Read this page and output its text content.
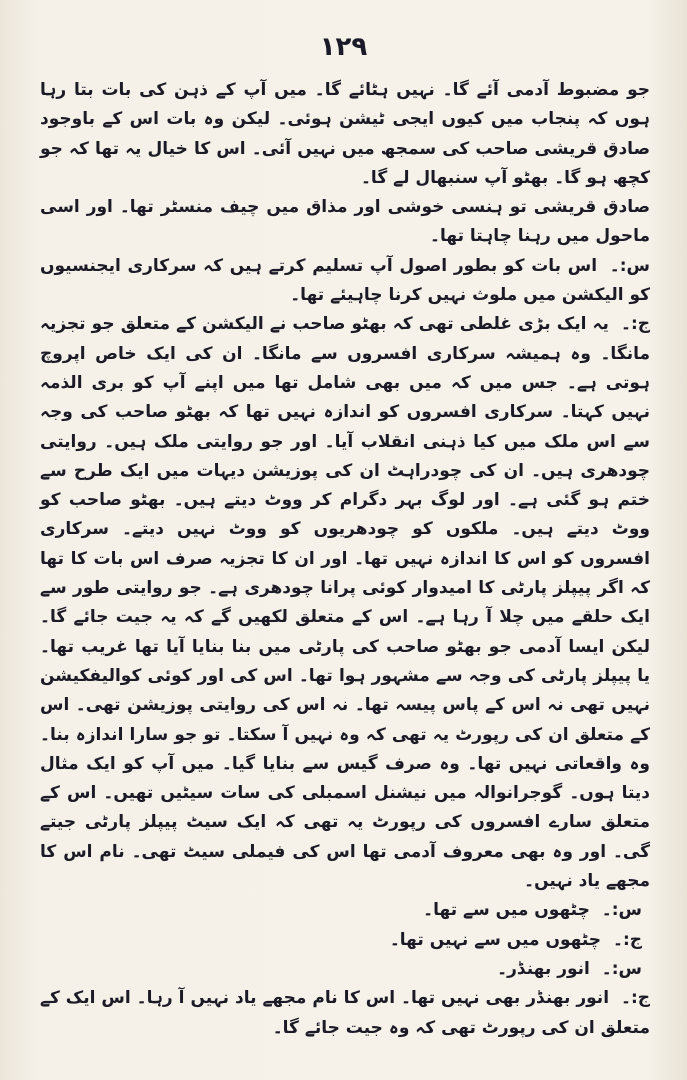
۱۲۹

جو مضبوط آدمی آئے گا۔ نہیں ہٹائے گا۔ میں آپ کے ذہن کی بات بتا رہا ہوں کہ پنجاب میں کیوں ایجی ٹیشن ہوئی۔ لیکن وہ بات اس کے باوجود صادق قریشی صاحب کی سمجھ میں نہیں آئی۔ اس کا خیال یہ تھا کہ جو کچھ ہو گا۔ بھٹو آپ سنبھال لے گا۔

صادق قریشی تو ہنسی خوشی اور مذاق میں چیف منسٹر تھا۔ اور اسی ماحول میں رہنا چاہتا تھا۔

س:۔ اس بات کو بطور اصول آپ تسلیم کرتے ہیں کہ سرکاری ایجنسیوں کو الیکشن میں ملوث نہیں کرنا چاہیئے تھا۔

ج:۔ یہ ایک بڑی غلطی تھی کہ بھٹو صاحب نے الیکشن کے متعلق جو تجزیہ مانگا۔ وہ ہمیشہ سرکاری افسروں سے مانگا۔ ان کی ایک خاص اپروچ ہوتی ہے۔ جس میں کہ میں بھی شامل تھا میں اپنے آپ کو بری الذمہ نہیں کہتا۔ سرکاری افسروں کو اندازہ نہیں تھا کہ بھٹو صاحب کی وجہ سے اس ملک میں کیا ذہنی انقلاب آیا۔ اور جو روایتی ملک ہیں۔ روایتی چودھری ہیں۔ ان کی چودراہٹ ان کی پوزیشن دیہات میں ایک طرح سے ختم ہو گئی ہے۔ اور لوگ بہر دگرام کر ووٹ دیتے ہیں۔ بھٹو صاحب کو ووٹ دیتے ہیں۔ ملکوں کو چودھریوں کو ووٹ نہیں دیتے۔ سرکاری افسروں کو اس کا اندازہ نہیں تھا۔ اور ان کا تجزیہ صرف اس بات کا تھا کہ اگر پیپلز پارٹی کا امیدوار کوئی پرانا چودھری ہے۔ جو روایتی طور سے ایک حلقے میں چلا آ رہا ہے۔ اس کے متعلق لکھیں گے کہ یہ جیت جائے گا۔ لیکن ایسا آدمی جو بھٹو صاحب کی پارٹی میں بنا بنایا آیا تھا غریب تھا۔ یا پیپلز پارٹی کی وجہ سے مشہور ہوا تھا۔ اس کی اور کوئی کوالیفکیشن نہیں تھی نہ اس کے پاس پیسہ تھا۔ نہ اس کی روایتی پوزیشن تھی۔ اس کے متعلق ان کی رپورٹ یہ تھی کہ وہ نہیں آ سکتا۔ تو جو سارا اندازہ بنا۔ وہ واقعاتی نہیں تھا۔ وہ صرف گیس سے بنایا گیا۔ میں آپ کو ایک مثال دیتا ہوں۔ گوجرانوالہ میں نیشنل اسمبلی کی سات سیٹیں تھیں۔ اس کے متعلق سارے افسروں کی رپورٹ یہ تھی کہ ایک سیٹ پیپلز پارٹی جیتے گی۔ اور وہ بھی معروف آدمی تھا اس کی فیملی سیٹ تھی۔ نام اس کا مجھے یاد نہیں۔

س:۔ چٹھوں میں سے تھا۔

ج:۔ چٹھوں میں سے نہیں تھا۔

س:۔ انور بھنڈر۔

ج:۔ انور بھنڈر بھی نہیں تھا۔ اس کا نام مجھے یاد نہیں آ رہا۔ اس ایک کے متعلق ان کی رپورٹ تھی کہ وہ جیت جائے گا۔
